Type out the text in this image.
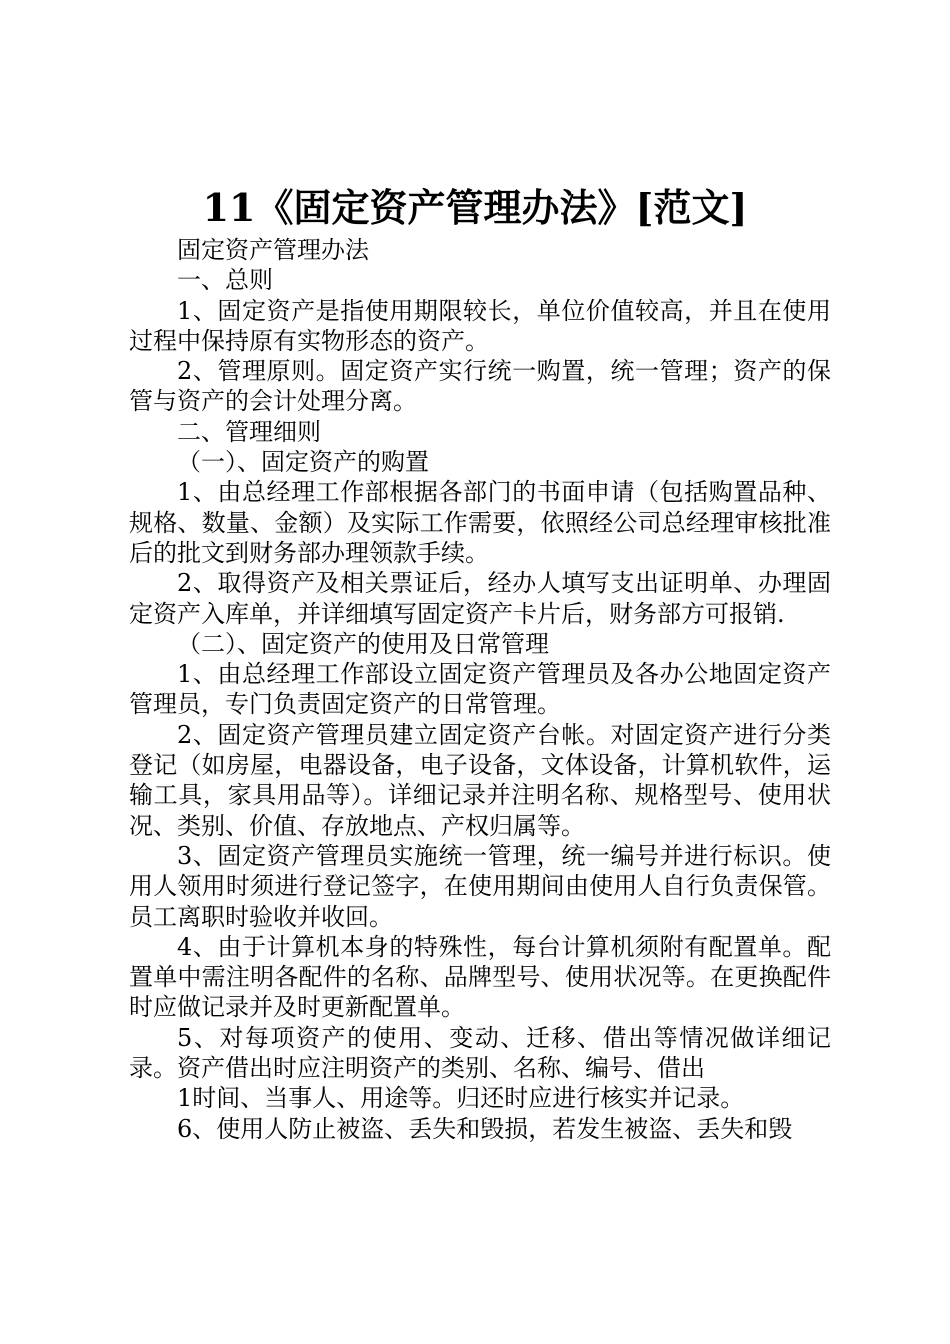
11《固定资产管理办法》[范文]

固定资产管理办法

一、总则

1、固定资产是指使用期限较长，单位价值较高，并且在使用过程中保持原有实物形态的资产。

2、管理原则。固定资产实行统一购置，统一管理；资产的保管与资产的会计处理分离。

二、管理细则

（一）、固定资产的购置

1、由总经理工作部根据各部门的书面申请（包括购置品种、规格、数量、金额）及实际工作需要，依照经公司总经理审核批准后的批文到财务部办理领款手续。

2、取得资产及相关票证后，经办人填写支出证明单、办理固定资产入库单，并详细填写固定资产卡片后，财务部方可报销.

（二）、固定资产的使用及日常管理

1、由总经理工作部设立固定资产管理员及各办公地固定资产管理员，专门负责固定资产的日常管理。

2、固定资产管理员建立固定资产台帐。对固定资产进行分类登记（如房屋，电器设备，电子设备，文体设备，计算机软件，运输工具，家具用品等）。详细记录并注明名称、规格型号、使用状况、类别、价值、存放地点、产权归属等。

3、固定资产管理员实施统一管理，统一编号并进行标识。使用人领用时须进行登记签字，在使用期间由使用人自行负责保管。员工离职时验收并收回。

4、由于计算机本身的特殊性，每台计算机须附有配置单。配置单中需注明各配件的名称、品牌型号、使用状况等。在更换配件时应做记录并及时更新配置单。

5、对每项资产的使用、变动、迁移、借出等情况做详细记录。资产借出时应注明资产的类别、名称、编号、借出

1时间、当事人、用途等。归还时应进行核实并记录。

6、使用人防止被盗、丢失和毁损，若发生被盗、丢失和毁
